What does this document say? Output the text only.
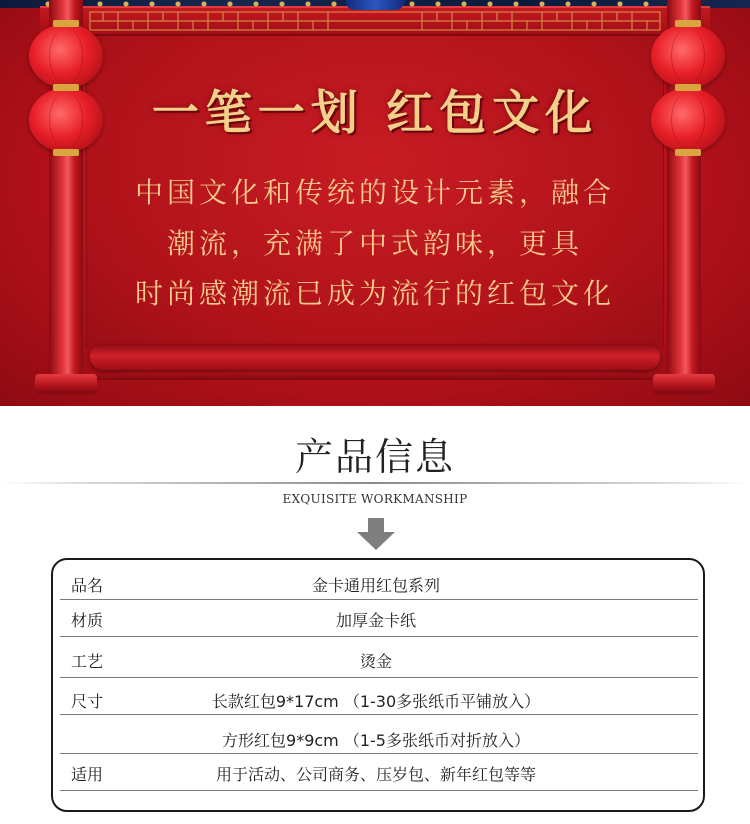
一笔一划 红包文化
中国文化和传统的设计元素，融合
潮流，充满了中式韵味，更具
时尚感潮流已成为流行的红包文化
产品信息
EXQUISITE WORKMANSHIP
品名	金卡通用红包系列
材质	加厚金卡纸
工艺	烫金
尺寸	长款红包9*17cm （1-30多张纸币平铺放入）
方形红包9*9cm （1-5多张纸币对折放入）
适用	用于活动、公司商务、压岁包、新年红包等等
